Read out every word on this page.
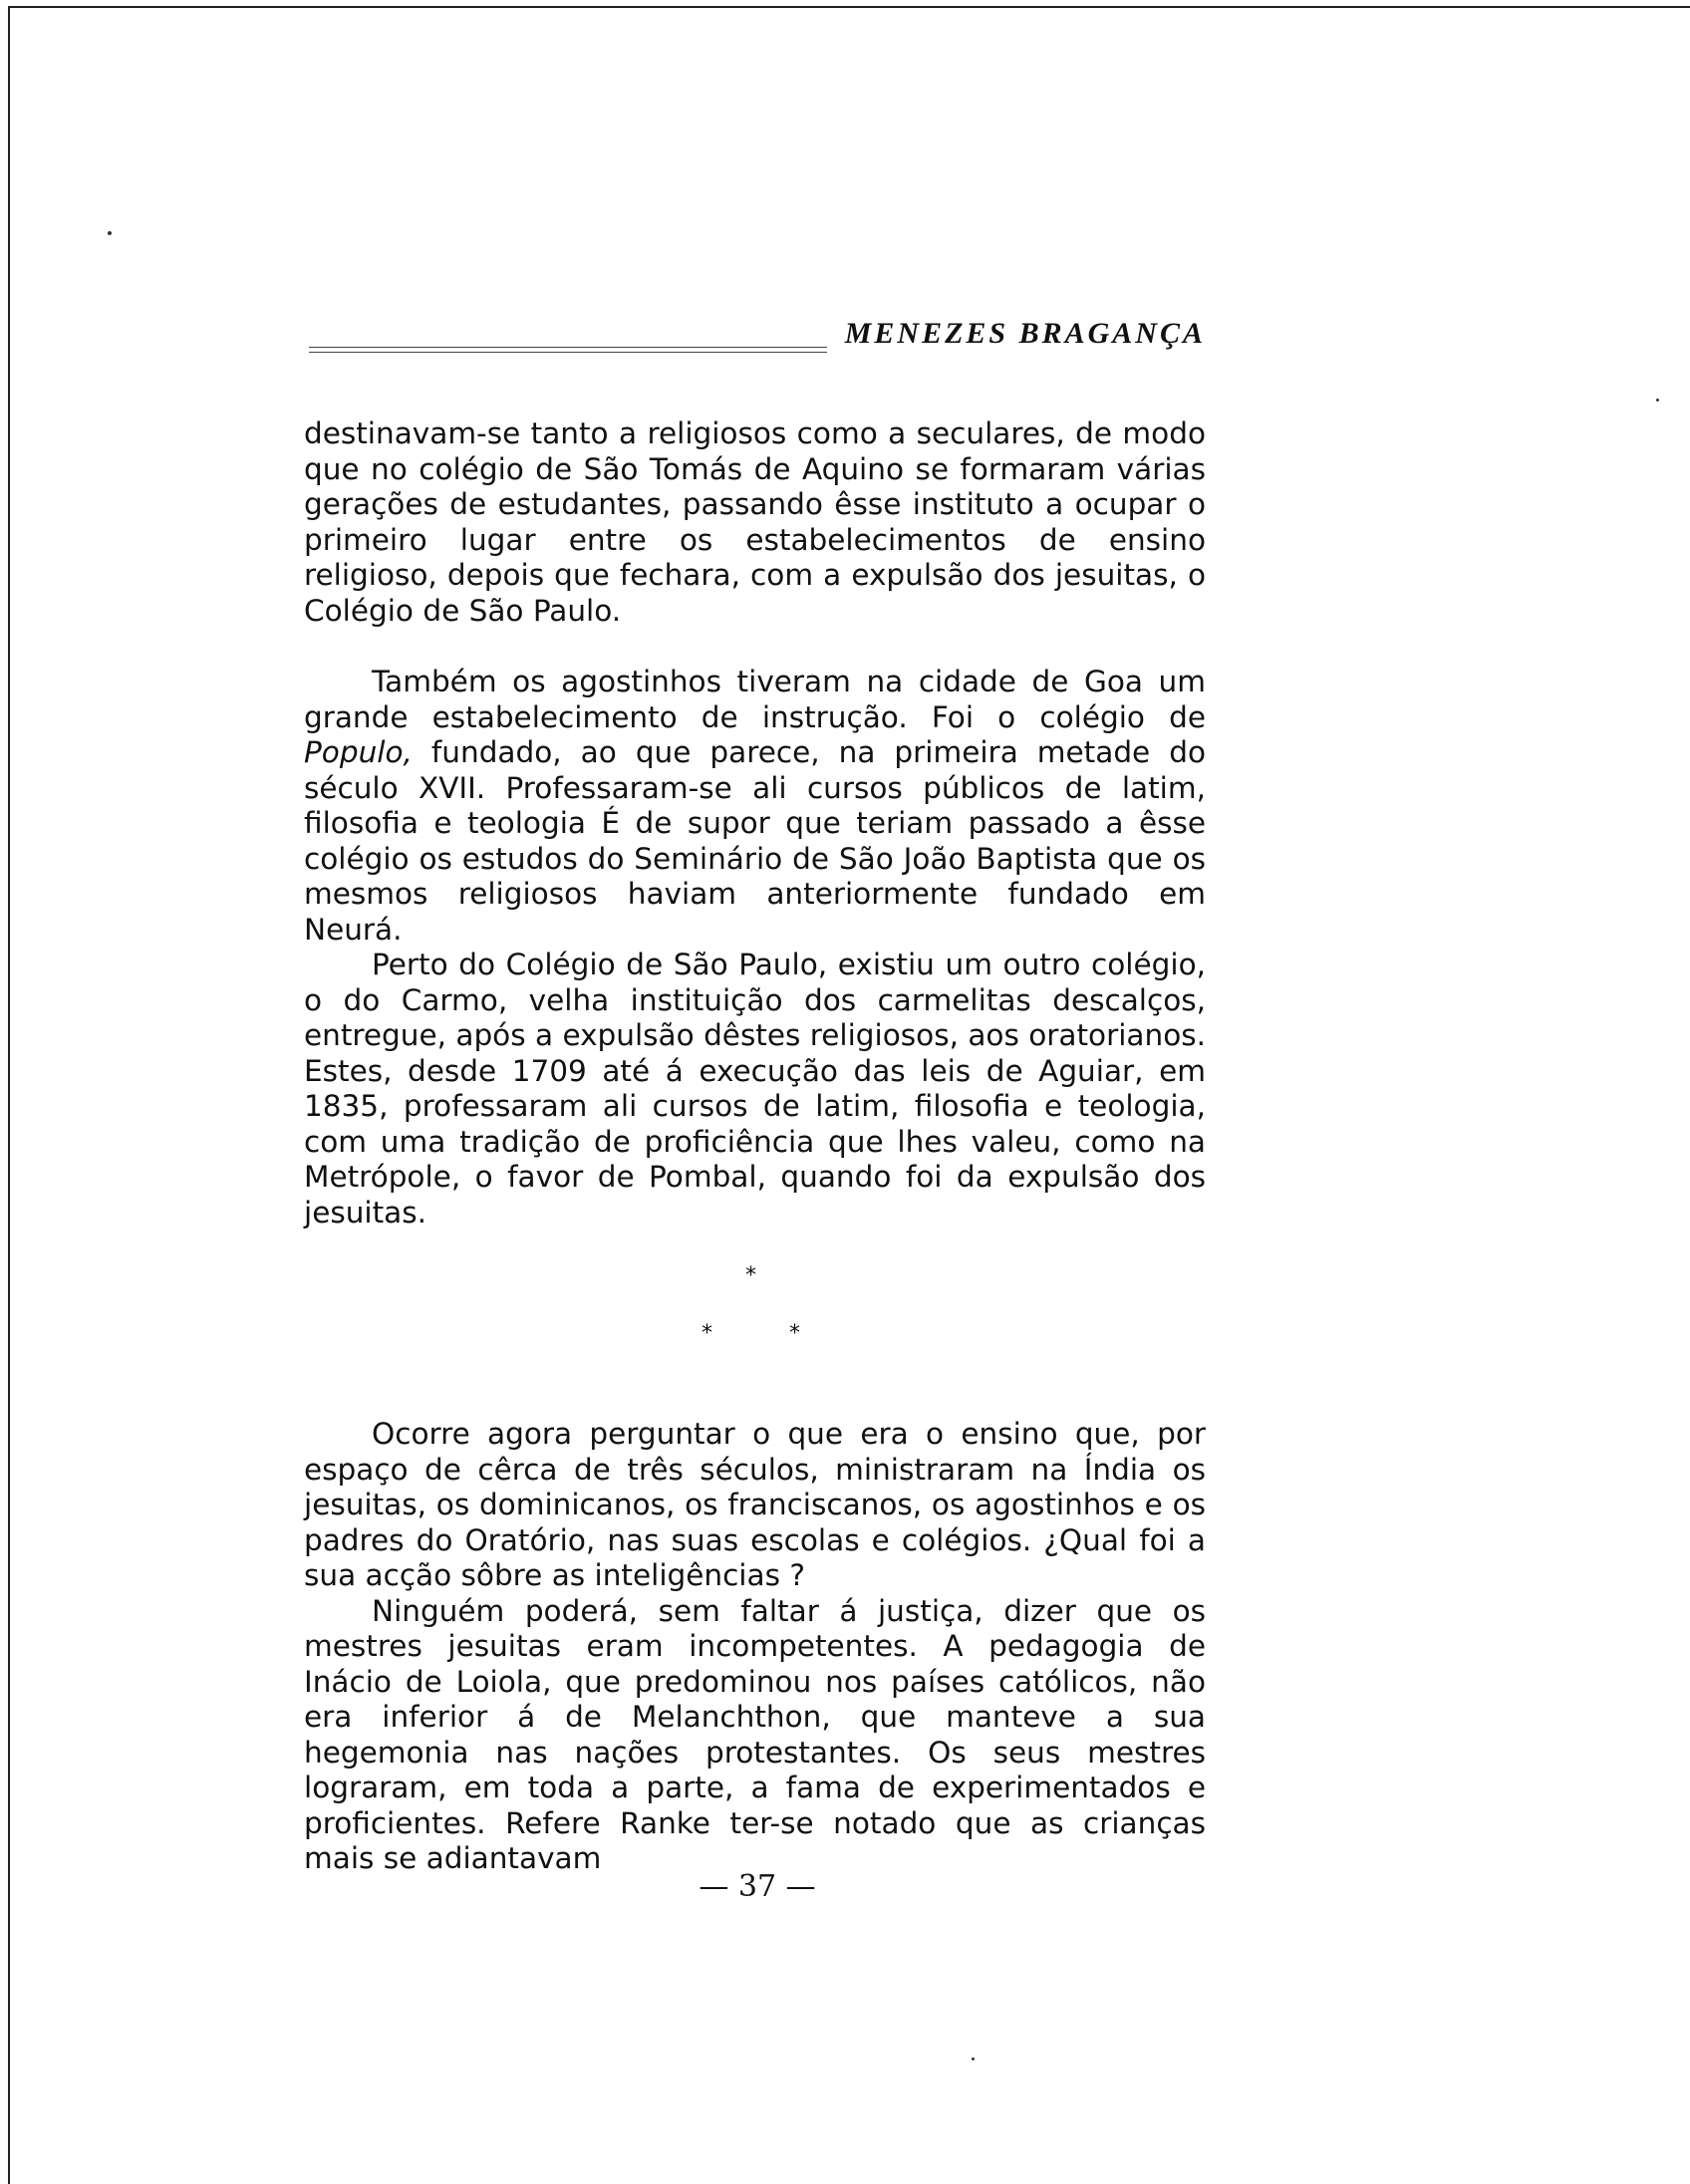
MENEZES BRAGANÇA

destinavam-se tanto a religiosos como a seculares, de modo que no colégio de São Tomás de Aquino se formaram várias gerações de estudantes, passando êsse instituto a ocupar o primeiro lugar entre os estabelecimentos de ensino religioso, depois que fechara, com a expulsão dos jesuitas, o Colégio de São Paulo.

Também os agostinhos tiveram na cidade de Goa um grande estabelecimento de instrução. Foi o colégio de Populo, fundado, ao que parece, na primeira metade do século XVII. Professaram-se ali cursos públicos de latim, filosofia e teologia É de supor que teriam passado a êsse colégio os estudos do Seminário de São João Baptista que os mesmos religiosos haviam anteriormente fundado em Neurá.

Perto do Colégio de São Paulo, existiu um outro colégio, o do Carmo, velha instituição dos carmelitas descalços, entregue, após a expulsão dêstes religiosos, aos oratorianos. Estes, desde 1709 até á execução das leis de Aguiar, em 1835, professaram ali cursos de latim, filosofia e teologia, com uma tradição de proficiência que lhes valeu, como na Metrópole, o favor de Pombal, quando foi da expulsão dos jesuitas.

*
*	*

Ocorre agora perguntar o que era o ensino que, por espaço de cêrca de três séculos, ministraram na Índia os jesuitas, os dominicanos, os franciscanos, os agostinhos e os padres do Oratório, nas suas escolas e colégios. ¿Qual foi a sua acção sôbre as inteligências ?

Ninguém poderá, sem faltar á justiça, dizer que os mestres jesuitas eram incompetentes. A pedagogia de Inácio de Loiola, que predominou nos países católicos, não era inferior á de Melanchthon, que manteve a sua hegemonia nas nações protestantes. Os seus mestres lograram, em toda a parte, a fama de experimentados e proficientes. Refere Ranke ter-se notado que as crianças mais se adiantavam

— 37 —
